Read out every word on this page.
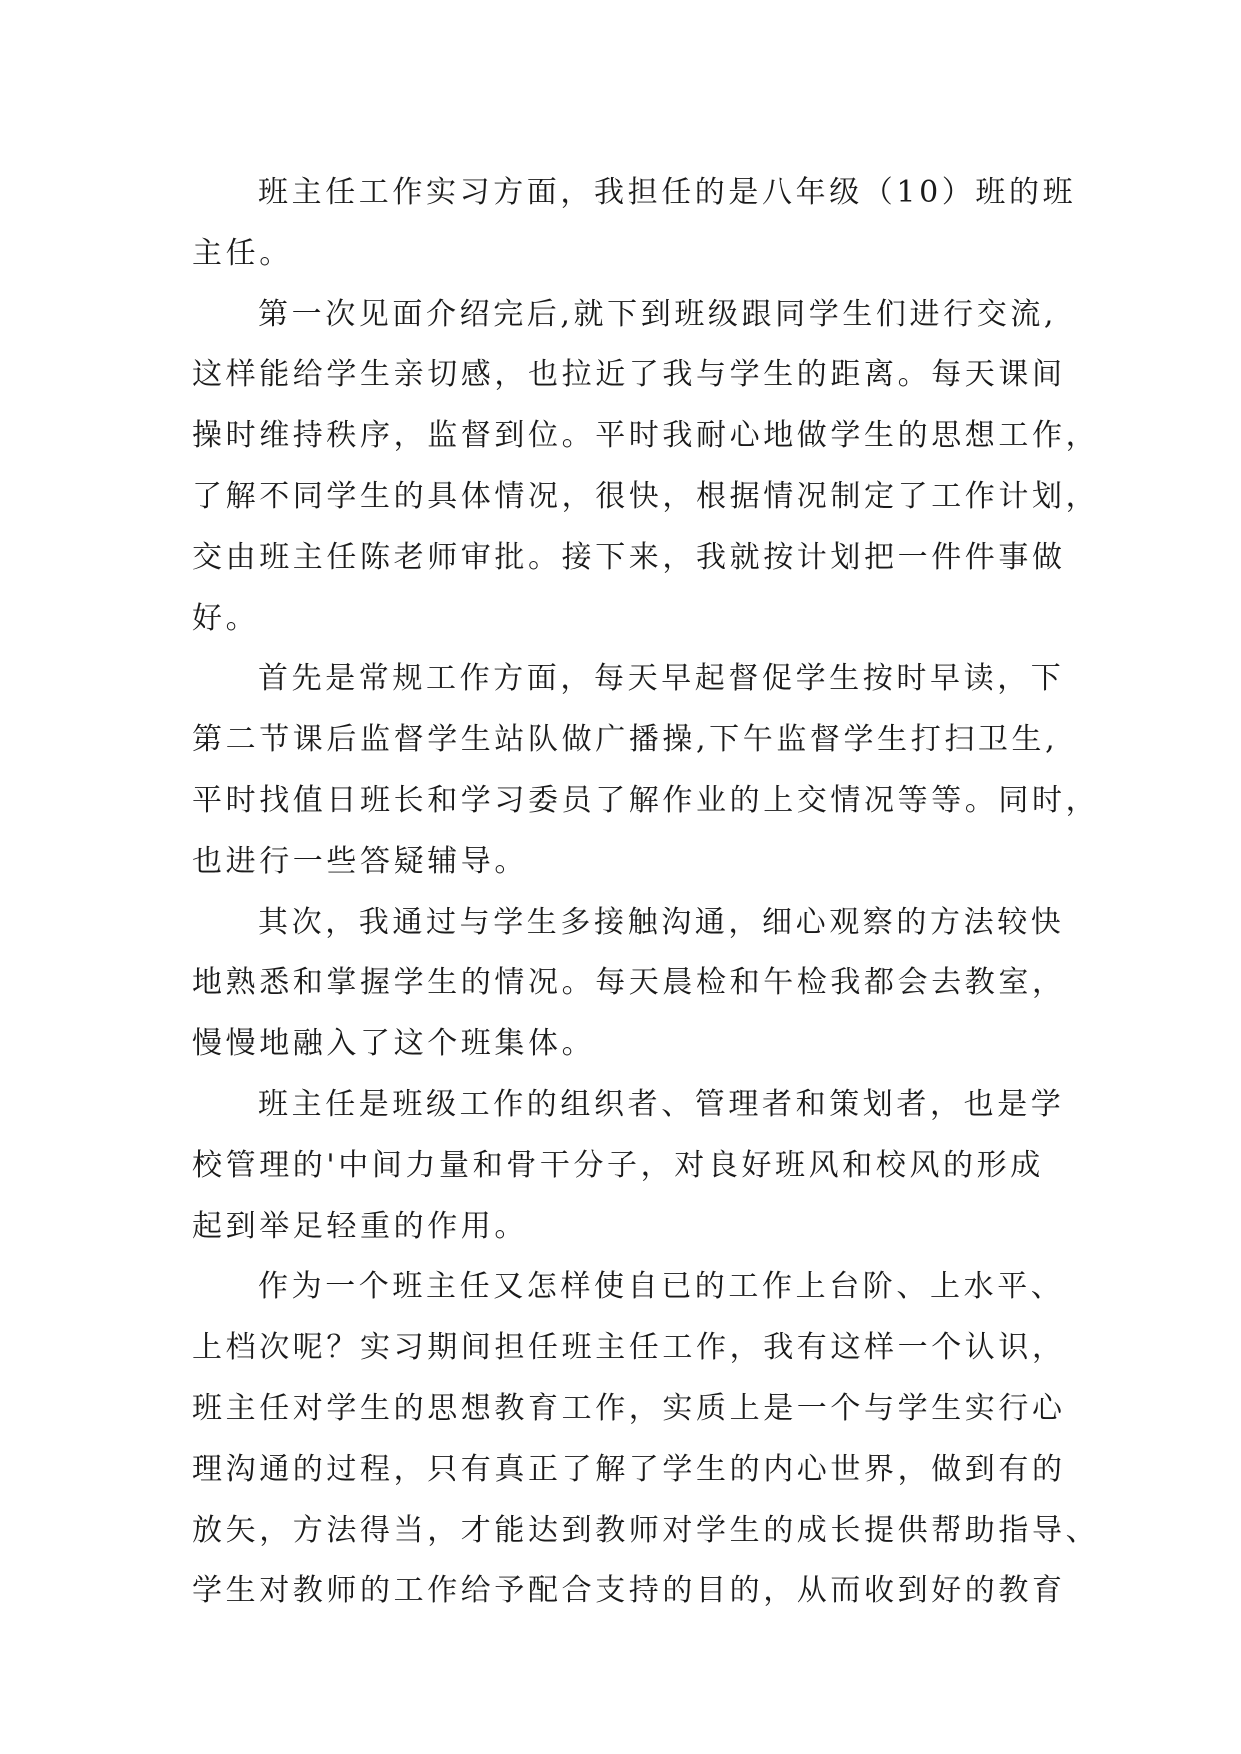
班主任工作实习方面，我担任的是八年级（10）班的班
主任。
第一次见面介绍完后,就下到班级跟同学生们进行交流,
这样能给学生亲切感，也拉近了我与学生的距离。每天课间
操时维持秩序，监督到位。平时我耐心地做学生的思想工作，
了解不同学生的具体情况，很快，根据情况制定了工作计划，
交由班主任陈老师审批。接下来，我就按计划把一件件事做
好。
首先是常规工作方面，每天早起督促学生按时早读，下
第二节课后监督学生站队做广播操,下午监督学生打扫卫生,
平时找值日班长和学习委员了解作业的上交情况等等。同时，
也进行一些答疑辅导。
其次，我通过与学生多接触沟通，细心观察的方法较快
地熟悉和掌握学生的情况。每天晨检和午检我都会去教室，
慢慢地融入了这个班集体。
班主任是班级工作的组织者、管理者和策划者，也是学
校管理的'中间力量和骨干分子，对良好班风和校风的形成
起到举足轻重的作用。
作为一个班主任又怎样使自已的工作上台阶、上水平、
上档次呢？实习期间担任班主任工作，我有这样一个认识，
班主任对学生的思想教育工作，实质上是一个与学生实行心
理沟通的过程，只有真正了解了学生的内心世界，做到有的
放矢，方法得当，才能达到教师对学生的成长提供帮助指导、
学生对教师的工作给予配合支持的目的，从而收到好的教育
